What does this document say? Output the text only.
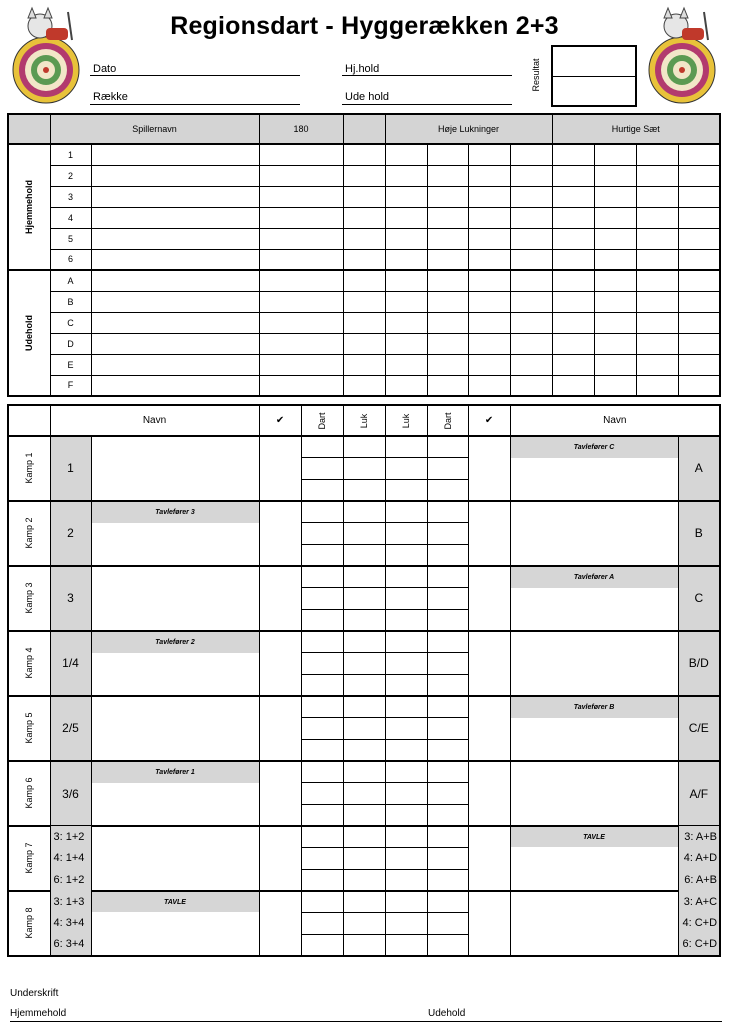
Regionsdart - Hyggerækken 2+3
Dato
Række
Hj.hold
Ude hold
Resultat
	Spillernavn		180		Høje Lukninger				Hurtige Sæt			

Hjemmehold	1											
	2											
	3											
	4											
	5											
	6											

Udehold	A											
	B											
	C											
	D											
	E											
	F											
	Navn		✔	Dart	Luk	Luk	Dart	✔	Navn	

Kamp 1	1								Tavlefører C	A

Kamp 2	2	Tavlefører 3								B

Kamp 3	3								Tavlefører A	C

Kamp 4	1/4	Tavlefører 2								B/D

Kamp 5	2/5								Tavlefører B	C/E

Kamp 6	3/6	Tavlefører 1								A/F

Kamp 7	3: 1+2								TAVLE	3: A+B
	4: 1+4									4: A+D
	6: 1+2									6: A+B

Kamp 8	3: 1+3	TAVLE								3: A+C
	4: 3+4									4: C+D
	6: 3+4									6: C+D
Underskrift
Hjemmehold	Udehold
